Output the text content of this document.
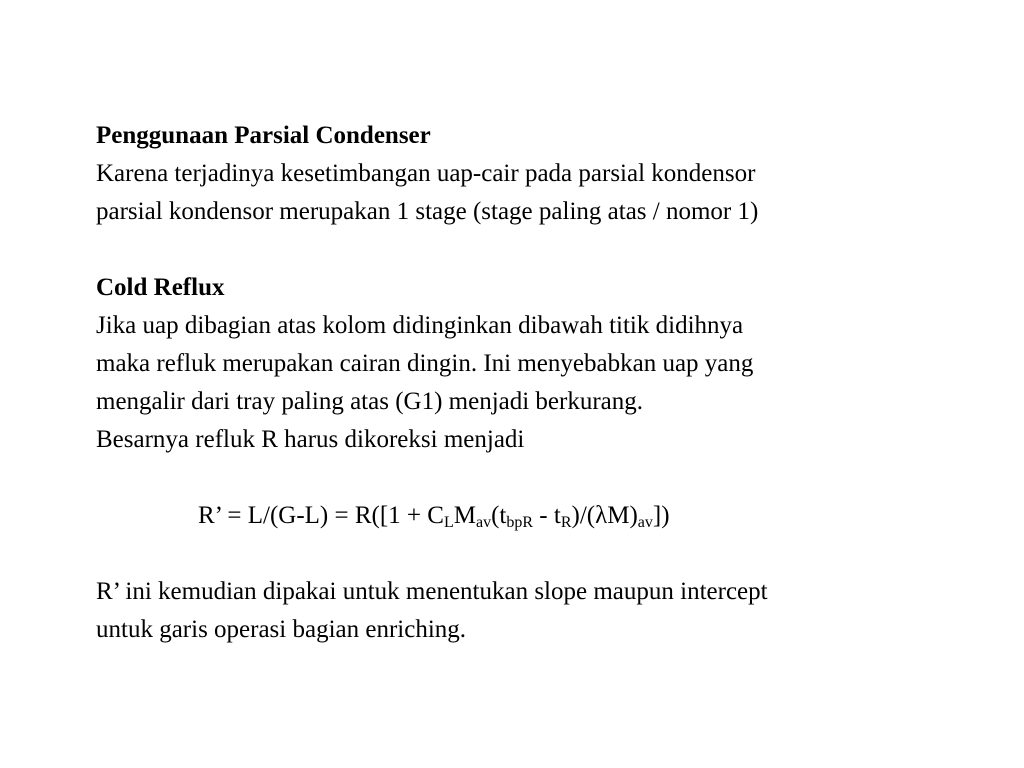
Penggunaan Parsial Condenser
Karena terjadinya kesetimbangan uap-cair pada parsial kondensor
parsial kondensor merupakan 1 stage (stage paling atas / nomor 1)
Cold Reflux
Jika uap dibagian atas kolom didinginkan dibawah titik didihnya
maka refluk merupakan cairan dingin. Ini menyebabkan uap yang
mengalir dari tray paling atas (G1) menjadi berkurang.
Besarnya refluk R harus dikoreksi menjadi
R’ = $L/(G-L) = R([1 + C_LM_{av}(t_{bpR} - t_R)/(\lambda M)_{av}])$
R’ ini kemudian dipakai untuk menentukan slope maupun intercept
untuk garis operasi bagian enriching.
